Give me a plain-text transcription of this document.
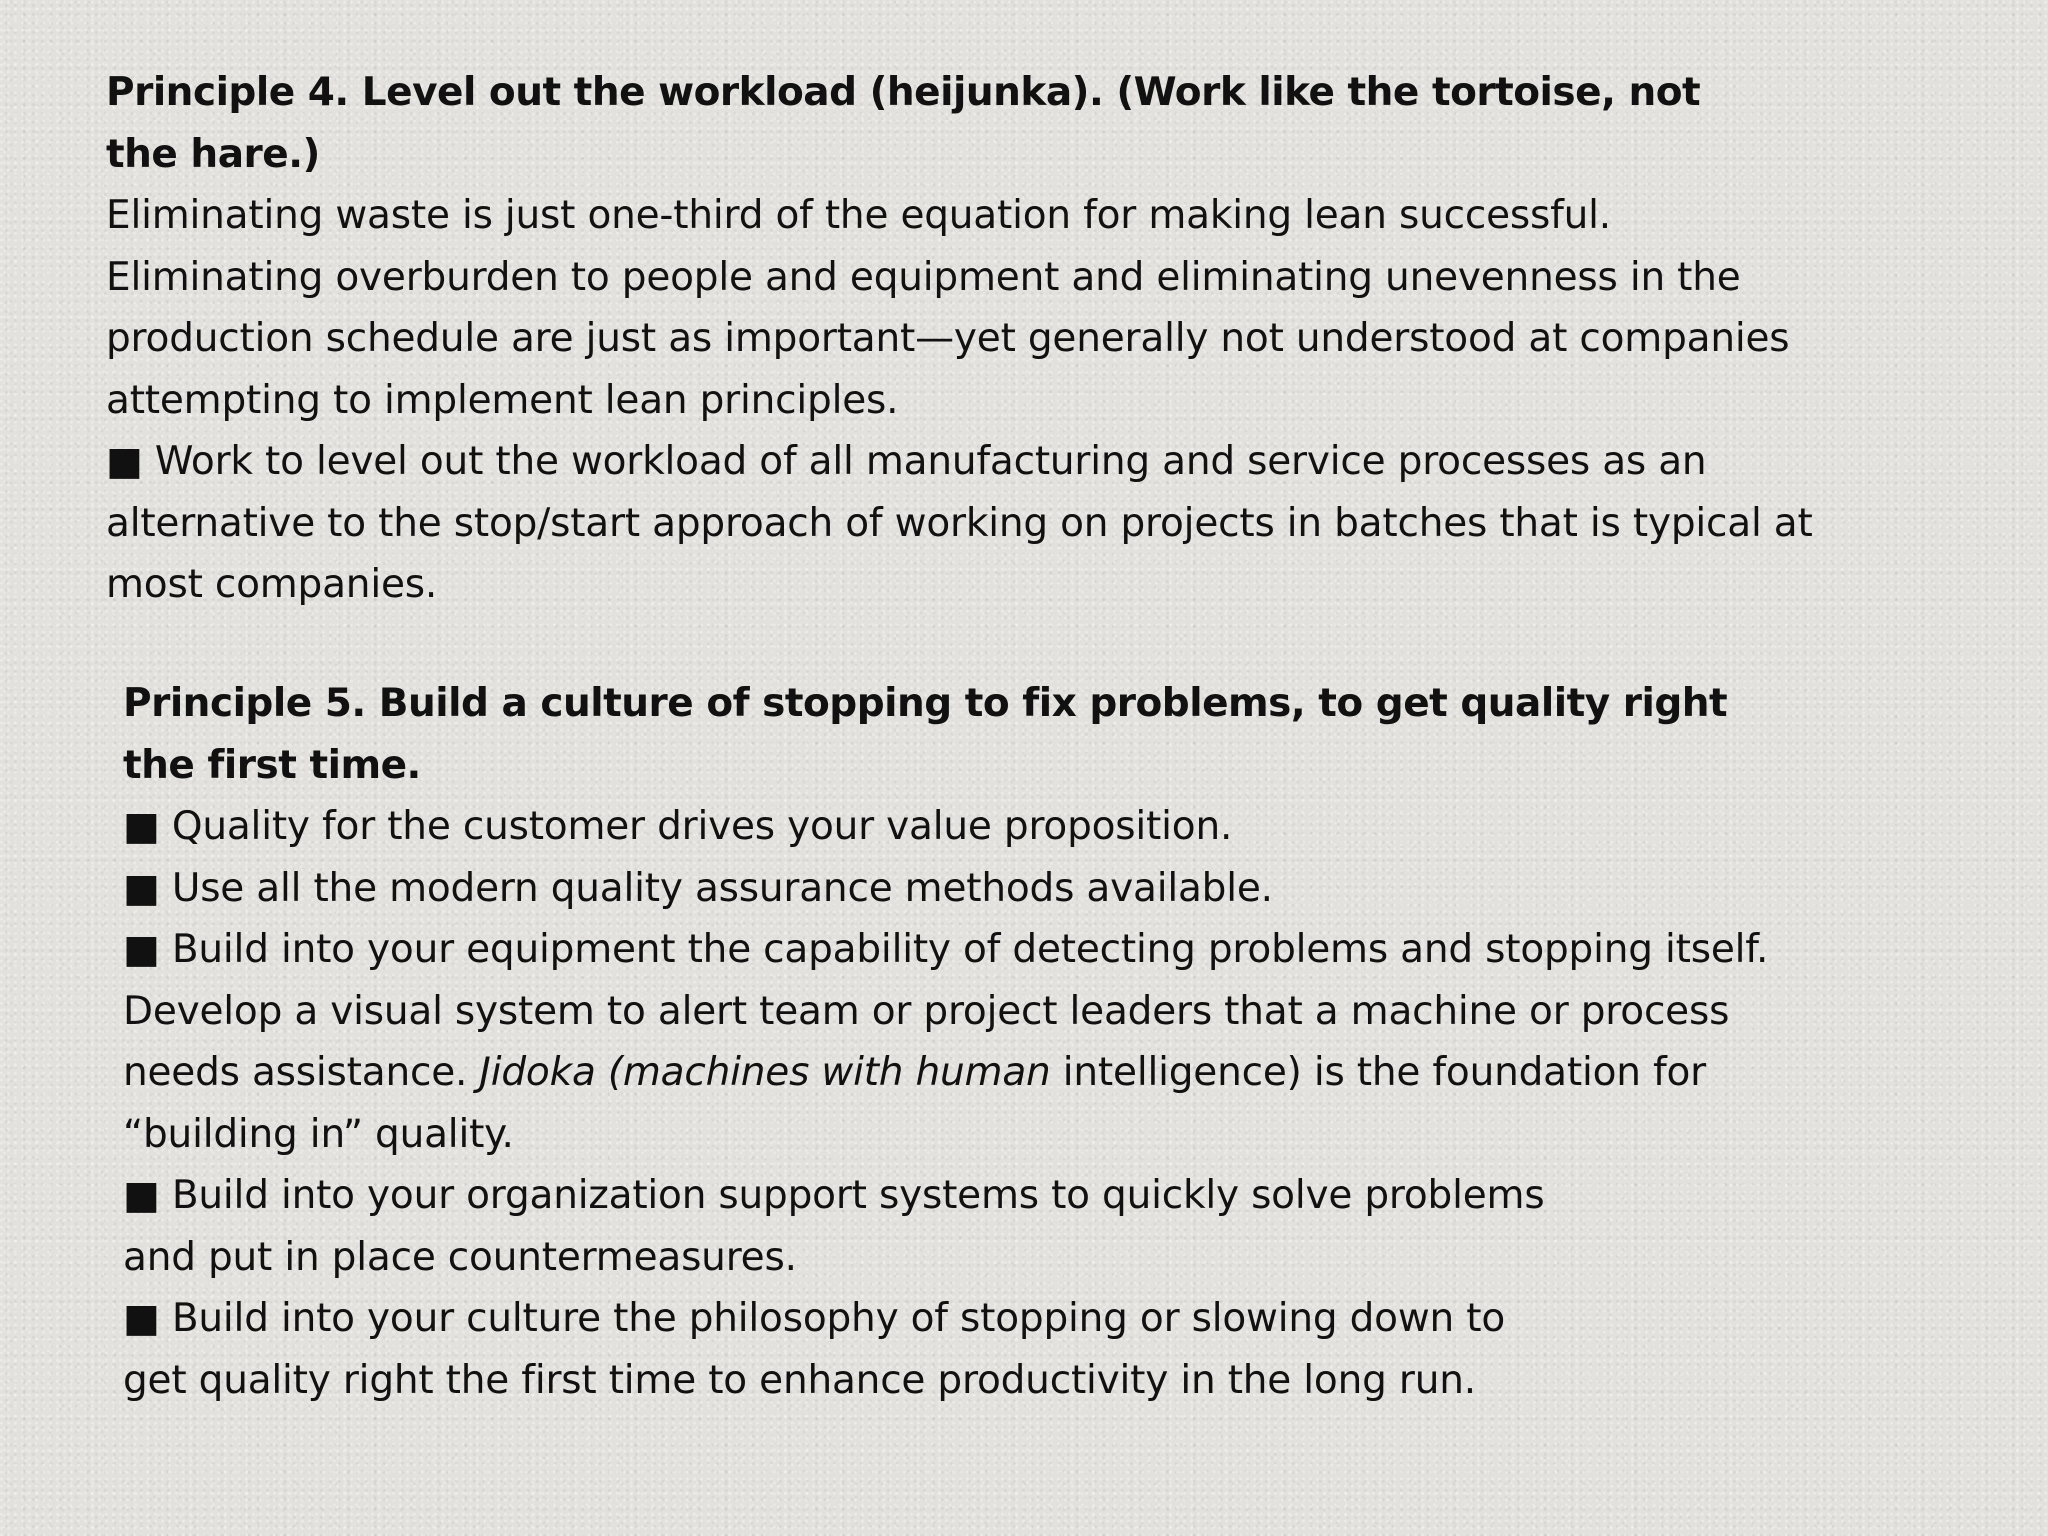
Principle 4. Level out the workload (heijunka). (Work like the tortoise, not
the hare.)
Eliminating waste is just one-third of the equation for making lean successful.
Eliminating overburden to people and equipment and eliminating unevenness in the
production schedule are just as important—yet generally not understood at companies
attempting to implement lean principles.
■ Work to level out the workload of all manufacturing and service processes as an
alternative to the stop/start approach of working on projects in batches that is typical at
most companies.
Principle 5. Build a culture of stopping to fix problems, to get quality right
the first time.
■ Quality for the customer drives your value proposition.
■ Use all the modern quality assurance methods available.
■ Build into your equipment the capability of detecting problems and stopping itself.
Develop a visual system to alert team or project leaders that a machine or process
needs assistance. Jidoka (machines with human intelligence) is the foundation for
“building in” quality.
■ Build into your organization support systems to quickly solve problems
and put in place countermeasures.
■ Build into your culture the philosophy of stopping or slowing down to
get quality right the first time to enhance productivity in the long run.
